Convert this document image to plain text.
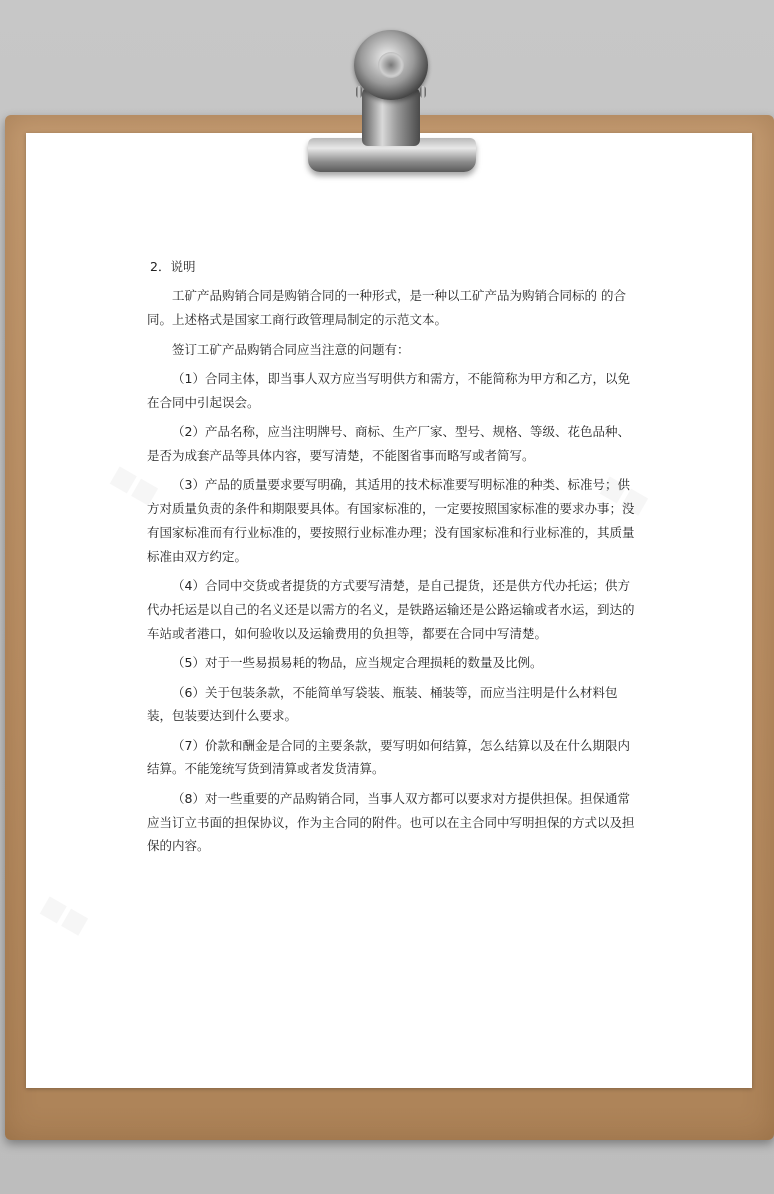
2．说明

工矿产品购销合同是购销合同的一种形式，是一种以工矿产品为购销合同标的 的合同。上述格式是国家工商行政管理局制定的示范文本。

签订工矿产品购销合同应当注意的问题有：

（1）合同主体，即当事人双方应当写明供方和需方，不能简称为甲方和乙方，以免在合同中引起误会。

（2）产品名称，应当注明牌号、商标、生产厂家、型号、规格、等级、花色品种、是否为成套产品等具体内容，要写清楚，不能图省事而略写或者简写。

（3）产品的质量要求要写明确，其适用的技术标准要写明标准的种类、标准号；供方对质量负责的条件和期限要具体。有国家标准的，一定要按照国家标准的要求办事；没有国家标准而有行业标准的，要按照行业标准办理；没有国家标准和行业标准的，其质量标准由双方约定。

（4）合同中交货或者提货的方式要写清楚，是自己提货，还是供方代办托运；供方代办托运是以自己的名义还是以需方的名义，是铁路运输还是公路运输或者水运，到达的车站或者港口，如何验收以及运输费用的负担等，都要在合同中写清楚。

（5）对于一些易损易耗的物品，应当规定合理损耗的数量及比例。

（6）关于包装条款，不能简单写袋装、瓶装、桶装等，而应当注明是什么材料包装，包装要达到什么要求。

（7）价款和酬金是合同的主要条款，要写明如何结算，怎么结算以及在什么期限内结算。不能笼统写货到清算或者发货清算。

（8）对一些重要的产品购销合同，当事人双方都可以要求对方提供担保。担保通常应当订立书面的担保协议，作为主合同的附件。也可以在主合同中写明担保的方式以及担保的内容。
